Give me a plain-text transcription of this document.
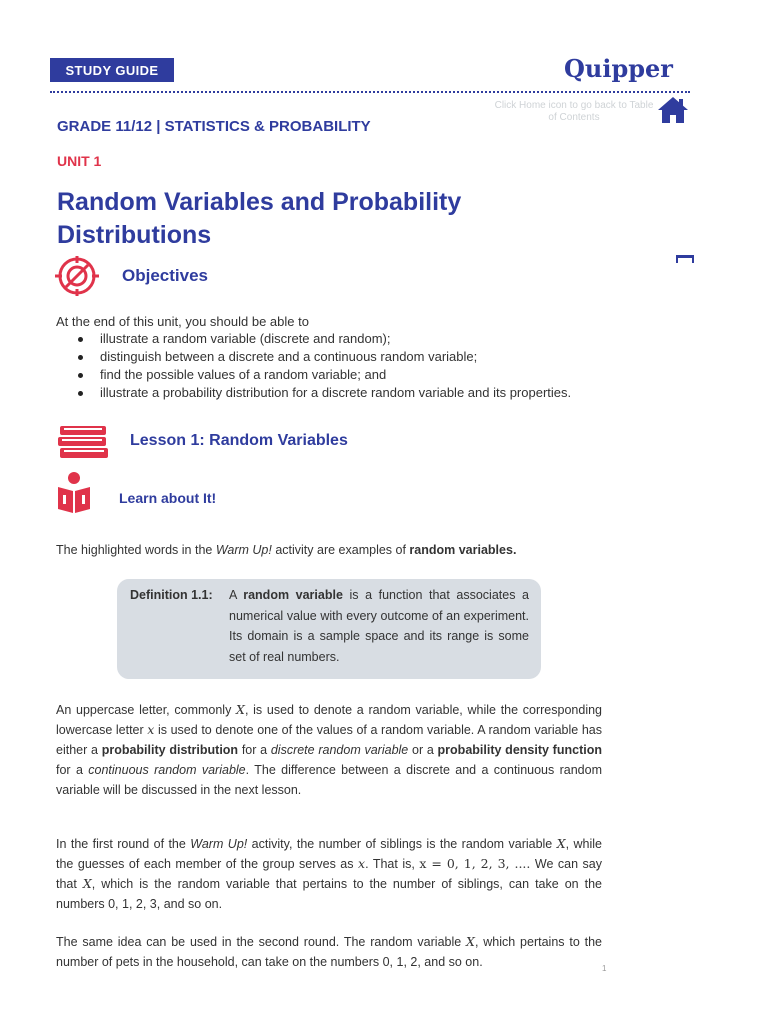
STUDY GUIDE	Quipper
Click Home icon to go back to Table of Contents
GRADE 11/12 | STATISTICS & PROBABILITY
UNIT 1
Random Variables and Probability Distributions
Objectives
At the end of this unit, you should be able to
illustrate a random variable (discrete and random);
distinguish between a discrete and a continuous random variable;
find the possible values of a random variable; and
illustrate a probability distribution for a discrete random variable and its properties.
Lesson 1: Random Variables
Learn about It!
The highlighted words in the Warm Up! activity are examples of random variables.
Definition 1.1: A random variable is a function that associates a numerical value with every outcome of an experiment. Its domain is a sample space and its range is some set of real numbers.
An uppercase letter, commonly X, is used to denote a random variable, while the corresponding lowercase letter x is used to denote one of the values of a random variable. A random variable has either a probability distribution for a discrete random variable or a probability density function for a continuous random variable. The difference between a discrete and a continuous random variable will be discussed in the next lesson.
In the first round of the Warm Up! activity, the number of siblings is the random variable X, while the guesses of each member of the group serves as x. That is, x = 0, 1, 2, 3, .... We can say that X, which is the random variable that pertains to the number of siblings, can take on the numbers 0, 1, 2, 3, and so on.
The same idea can be used in the second round. The random variable X, which pertains to the number of pets in the household, can take on the numbers 0, 1, 2, and so on.	1
